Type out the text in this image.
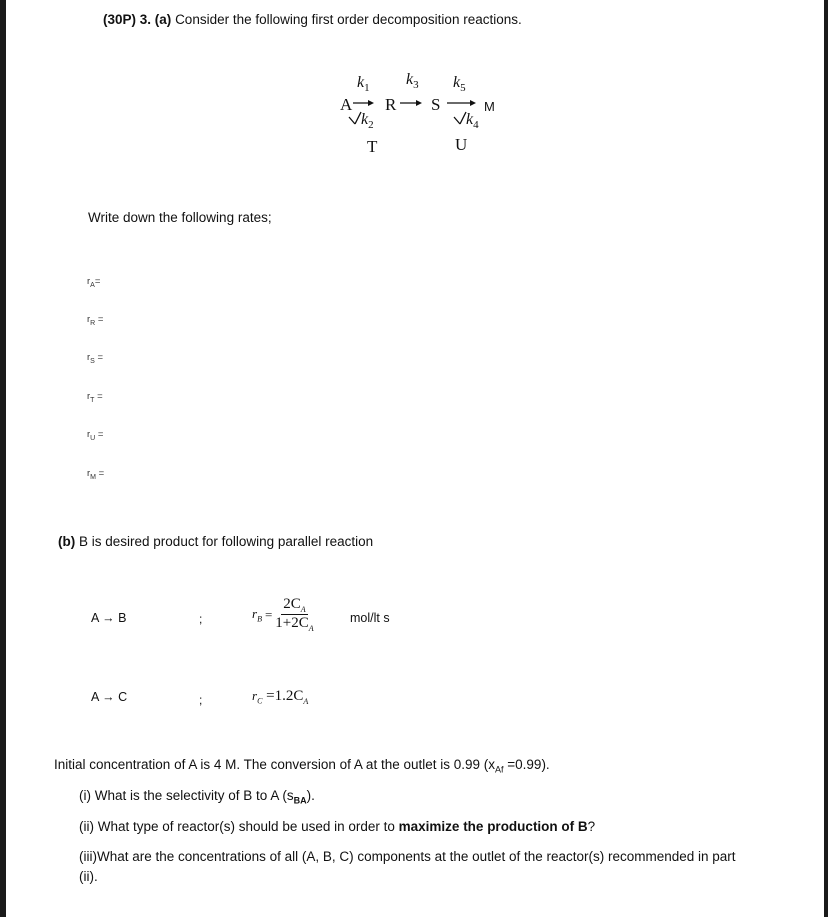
(30P) 3. (a) Consider the following first order decomposition reactions.
$k_1$
$k_3$ $k_5$
A R S	M
$k_2$	$k_4$
T	U
Write down the following rates;
$r_A=$
$r_R$ =
$r_S$ =
$r_T$ =
$r_U$ =
$r_M$ =
(b) B is desired product for following parallel reaction
A → B	;	$r_B = \frac{2C_A}{1+2C_A}$	mol/lt s
A → C	;	$r_C =1.2C_A$
Initial concentration of A is 4 M. The conversion of A at the outlet is 0.99 $(x_{Af} =0.99)$.
(i) What is the selectivity of B to A $(s_{BA})$.
(ii) What type of reactor(s) should be used in order to maximize the production of B?
(iii)What are the concentrations of all (A, B, C) components at the outlet of the reactor(s) recommended in part
(ii).
